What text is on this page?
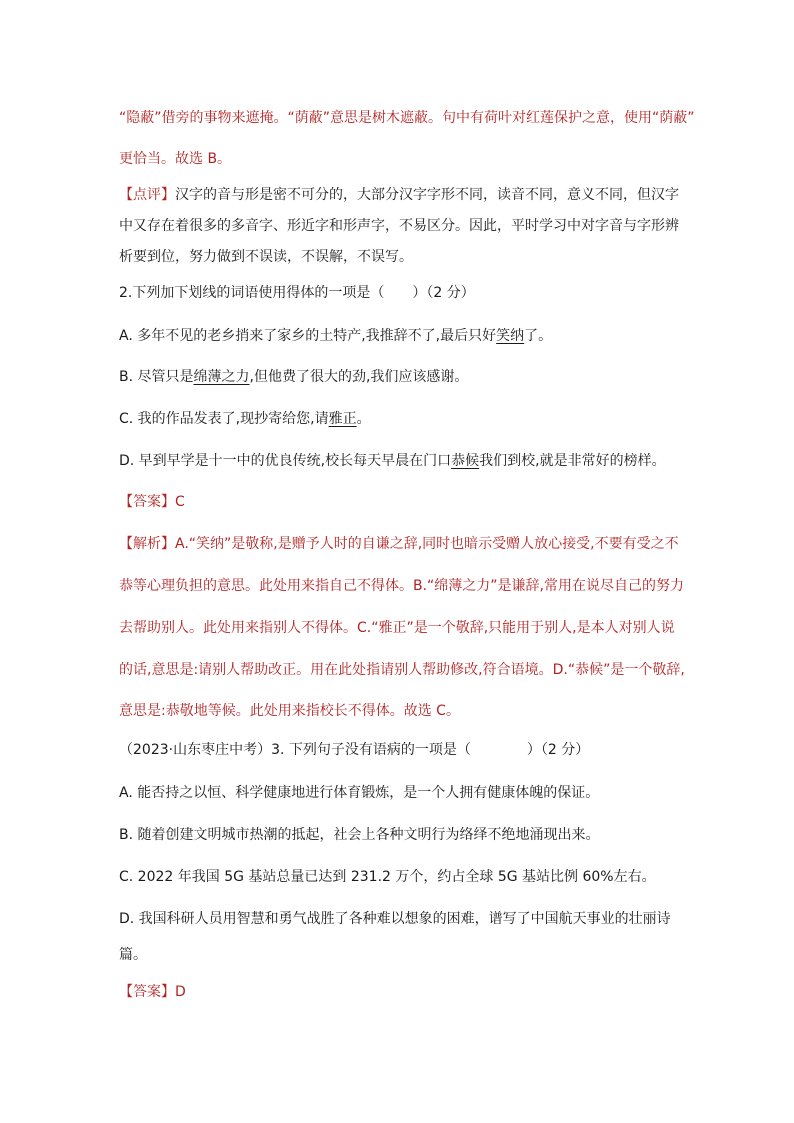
“隐蔽”借旁的事物来遮掩。“荫蔽”意思是树木遮蔽。句中有荷叶对红莲保护之意，使用“荫蔽”
更恰当。故选 B。
【点评】汉字的音与形是密不可分的，大部分汉字字形不同，读音不同，意义不同，但汉字
中又存在着很多的多音字、形近字和形声字，不易区分。因此，平时学习中对字音与字形辨
析要到位，努力做到不误读，不误解，不误写。
2.下列加下划线的词语使用得体的一项是（　　）（2 分）
A. 多年不见的老乡捎来了家乡的土特产,我推辞不了,最后只好笑纳了。
B. 尽管只是绵薄之力,但他费了很大的劲,我们应该感谢。
C. 我的作品发表了,现抄寄给您,请雅正。
D. 早到早学是十一中的优良传统,校长每天早晨在门口恭候我们到校,就是非常好的榜样。
【答案】C
【解析】A.“笑纳”是敬称,是赠予人时的自谦之辞,同时也暗示受赠人放心接受,不要有受之不
恭等心理负担的意思。此处用来指自己不得体。B.“绵薄之力”是谦辞,常用在说尽自己的努力
去帮助别人。此处用来指别人不得体。C.“雅正”是一个敬辞,只能用于别人,是本人对别人说
的话,意思是:请别人帮助改正。用在此处指请别人帮助修改,符合语境。D.“恭候”是一个敬辞,
意思是:恭敬地等候。此处用来指校长不得体。故选 C。
（2023·山东枣庄中考）3. 下列句子没有语病的一项是（　　　　）（2 分）
A. 能否持之以恒、科学健康地进行体育锻炼，是一个人拥有健康体魄的保证。
B. 随着创建文明城市热潮的抵起，社会上各种文明行为络绎不绝地涌现出来。
C. 2022 年我国 5G 基站总量已达到 231.2 万个，约占全球 5G 基站比例 60%左右。
D. 我国科研人员用智慧和勇气战胜了各种难以想象的困难，谱写了中国航天事业的壮丽诗
篇。
【答案】D
